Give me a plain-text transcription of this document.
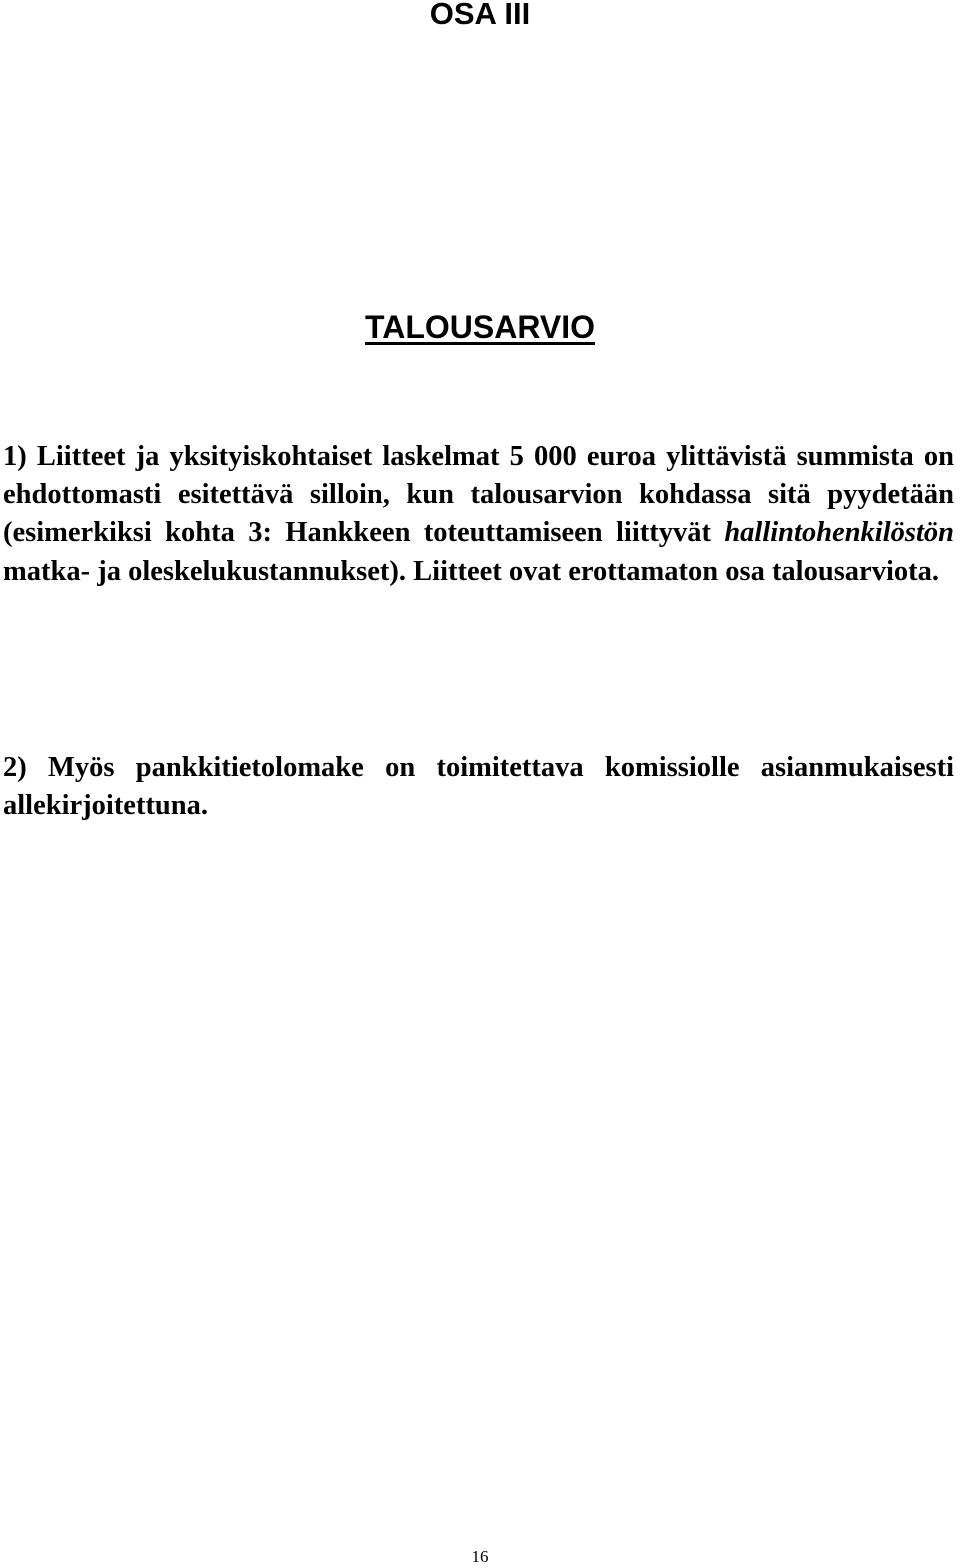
OSA III
TALOUSARVIO

1) Liitteet ja yksityiskohtaiset laskelmat 5 000 euroa ylittävistä summista on ehdottomasti esitettävä silloin, kun talousarvion kohdassa sitä pyydetään (esimerkiksi kohta 3: Hankkeen toteuttamiseen liittyvät hallintohenkilöstön matka- ja oleskelukustannukset). Liitteet ovat erottamaton osa talousarviota.

2) Myös pankkitietolomake on toimitettava komissiolle asianmukaisesti allekirjoitettuna.

16
